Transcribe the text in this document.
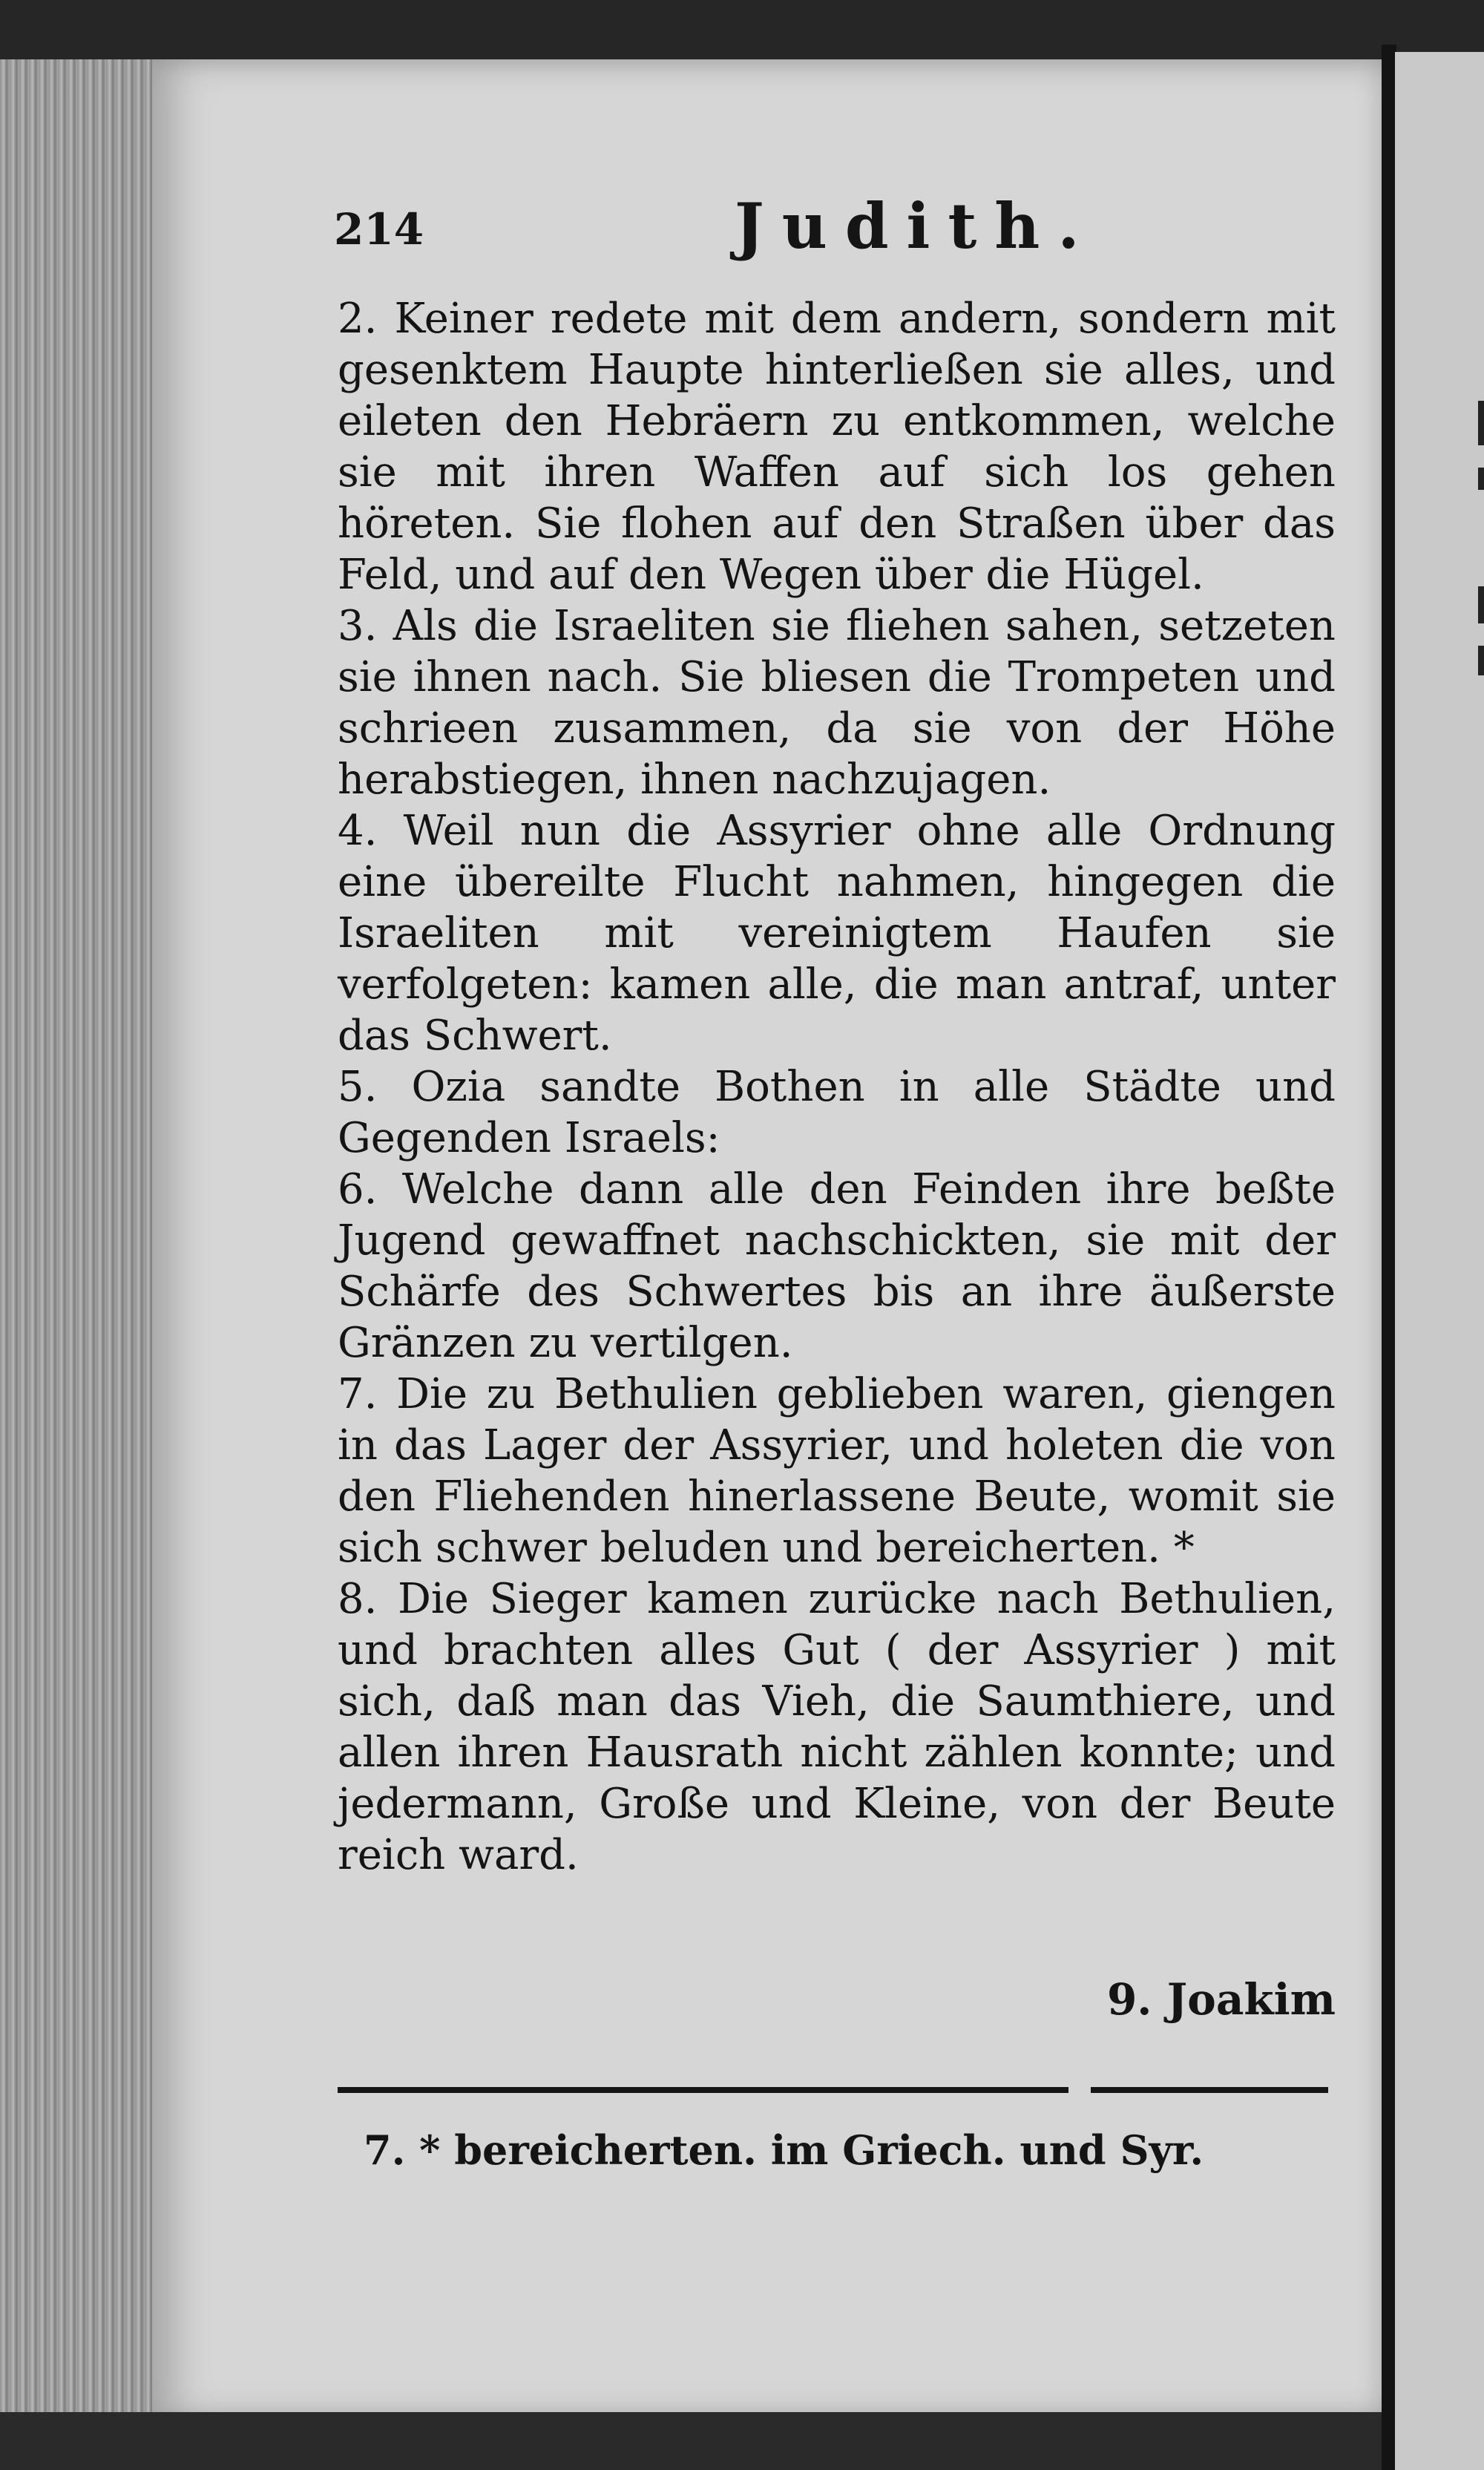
214	Judith.

2. Keiner redete mit dem andern, sondern mit gesenktem Haupte hinterließen sie alles, und eileten den Hebräern zu entkommen, welche sie mit ihren Waffen auf sich los gehen höreten. Sie flohen auf den Straßen über das Feld, und auf den Wegen über die Hügel.

3. Als die Israeliten sie fliehen sahen, setzeten sie ihnen nach. Sie bliesen die Trompeten und schrieen zusammen, da sie von der Höhe herabstiegen, ihnen nachzujagen.

4. Weil nun die Assyrier ohne alle Ordnung eine übereilte Flucht nahmen, hingegen die Israeliten mit vereinigtem Haufen sie verfolgeten: kamen alle, die man antraf, unter das Schwert.

5. Ozia sandte Bothen in alle Städte und Gegenden Israels:

6. Welche dann alle den Feinden ihre beßte Jugend gewaffnet nachschickten, sie mit der Schärfe des Schwertes bis an ihre äußerste Gränzen zu vertilgen.

7. Die zu Bethulien geblieben waren, giengen in das Lager der Assyrier, und holeten die von den Fliehenden hinerlassene Beute, womit sie sich schwer beluden und bereicherten. *

8. Die Sieger kamen zurücke nach Bethulien, und brachten alles Gut ( der Assyrier ) mit sich, daß man das Vieh, die Saumthiere, und allen ihren Hausrath nicht zählen konnte; und jedermann, Große und Kleine, von der Beute reich ward.

9. Joakim
7. * bereicherten. im Griech. und Syr.
